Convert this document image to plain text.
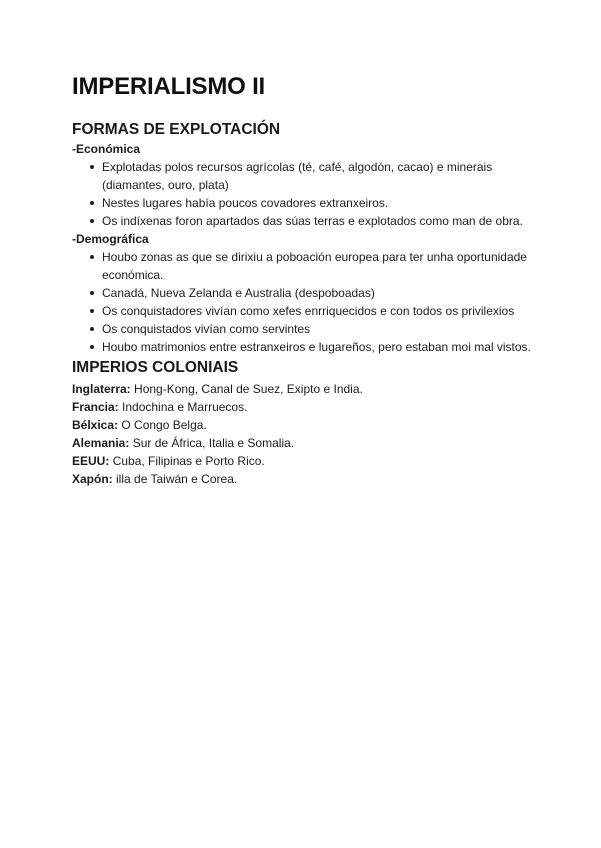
IMPERIALISMO II
FORMAS DE EXPLOTACIÓN

-Económica

Explotadas polos recursos agrícolas (té, café, algodón, cacao) e minerais (diamantes, ouro, plata)
Nestes lugares había poucos covadores extranxeiros.
Os indíxenas foron apartados das súas terras e explotados como man de obra.

-Demográfica

Houbo zonas as que se dirixiu a poboación europea para ter unha oportunidade económica.
Canadá, Nueva Zelanda e Australia (despoboadas)
Os conquistadores vivían como xefes enrriquecidos e con todos os privilexios
Os conquistados vivían como servintes
Houbo matrimonios entre estranxeiros e lugareños, pero estaban moi mal vistos.
IMPERIOS COLONIAIS

Inglaterra: Hong-Kong, Canal de Suez, Exipto e India.

Francia: Indochina e Marruecos.

Bélxica: O Congo Belga.

Alemania: Sur de África, Italia e Somalia.

EEUU: Cuba, Filipinas e Porto Rico.

Xapón: illa de Taiwán e Corea.
